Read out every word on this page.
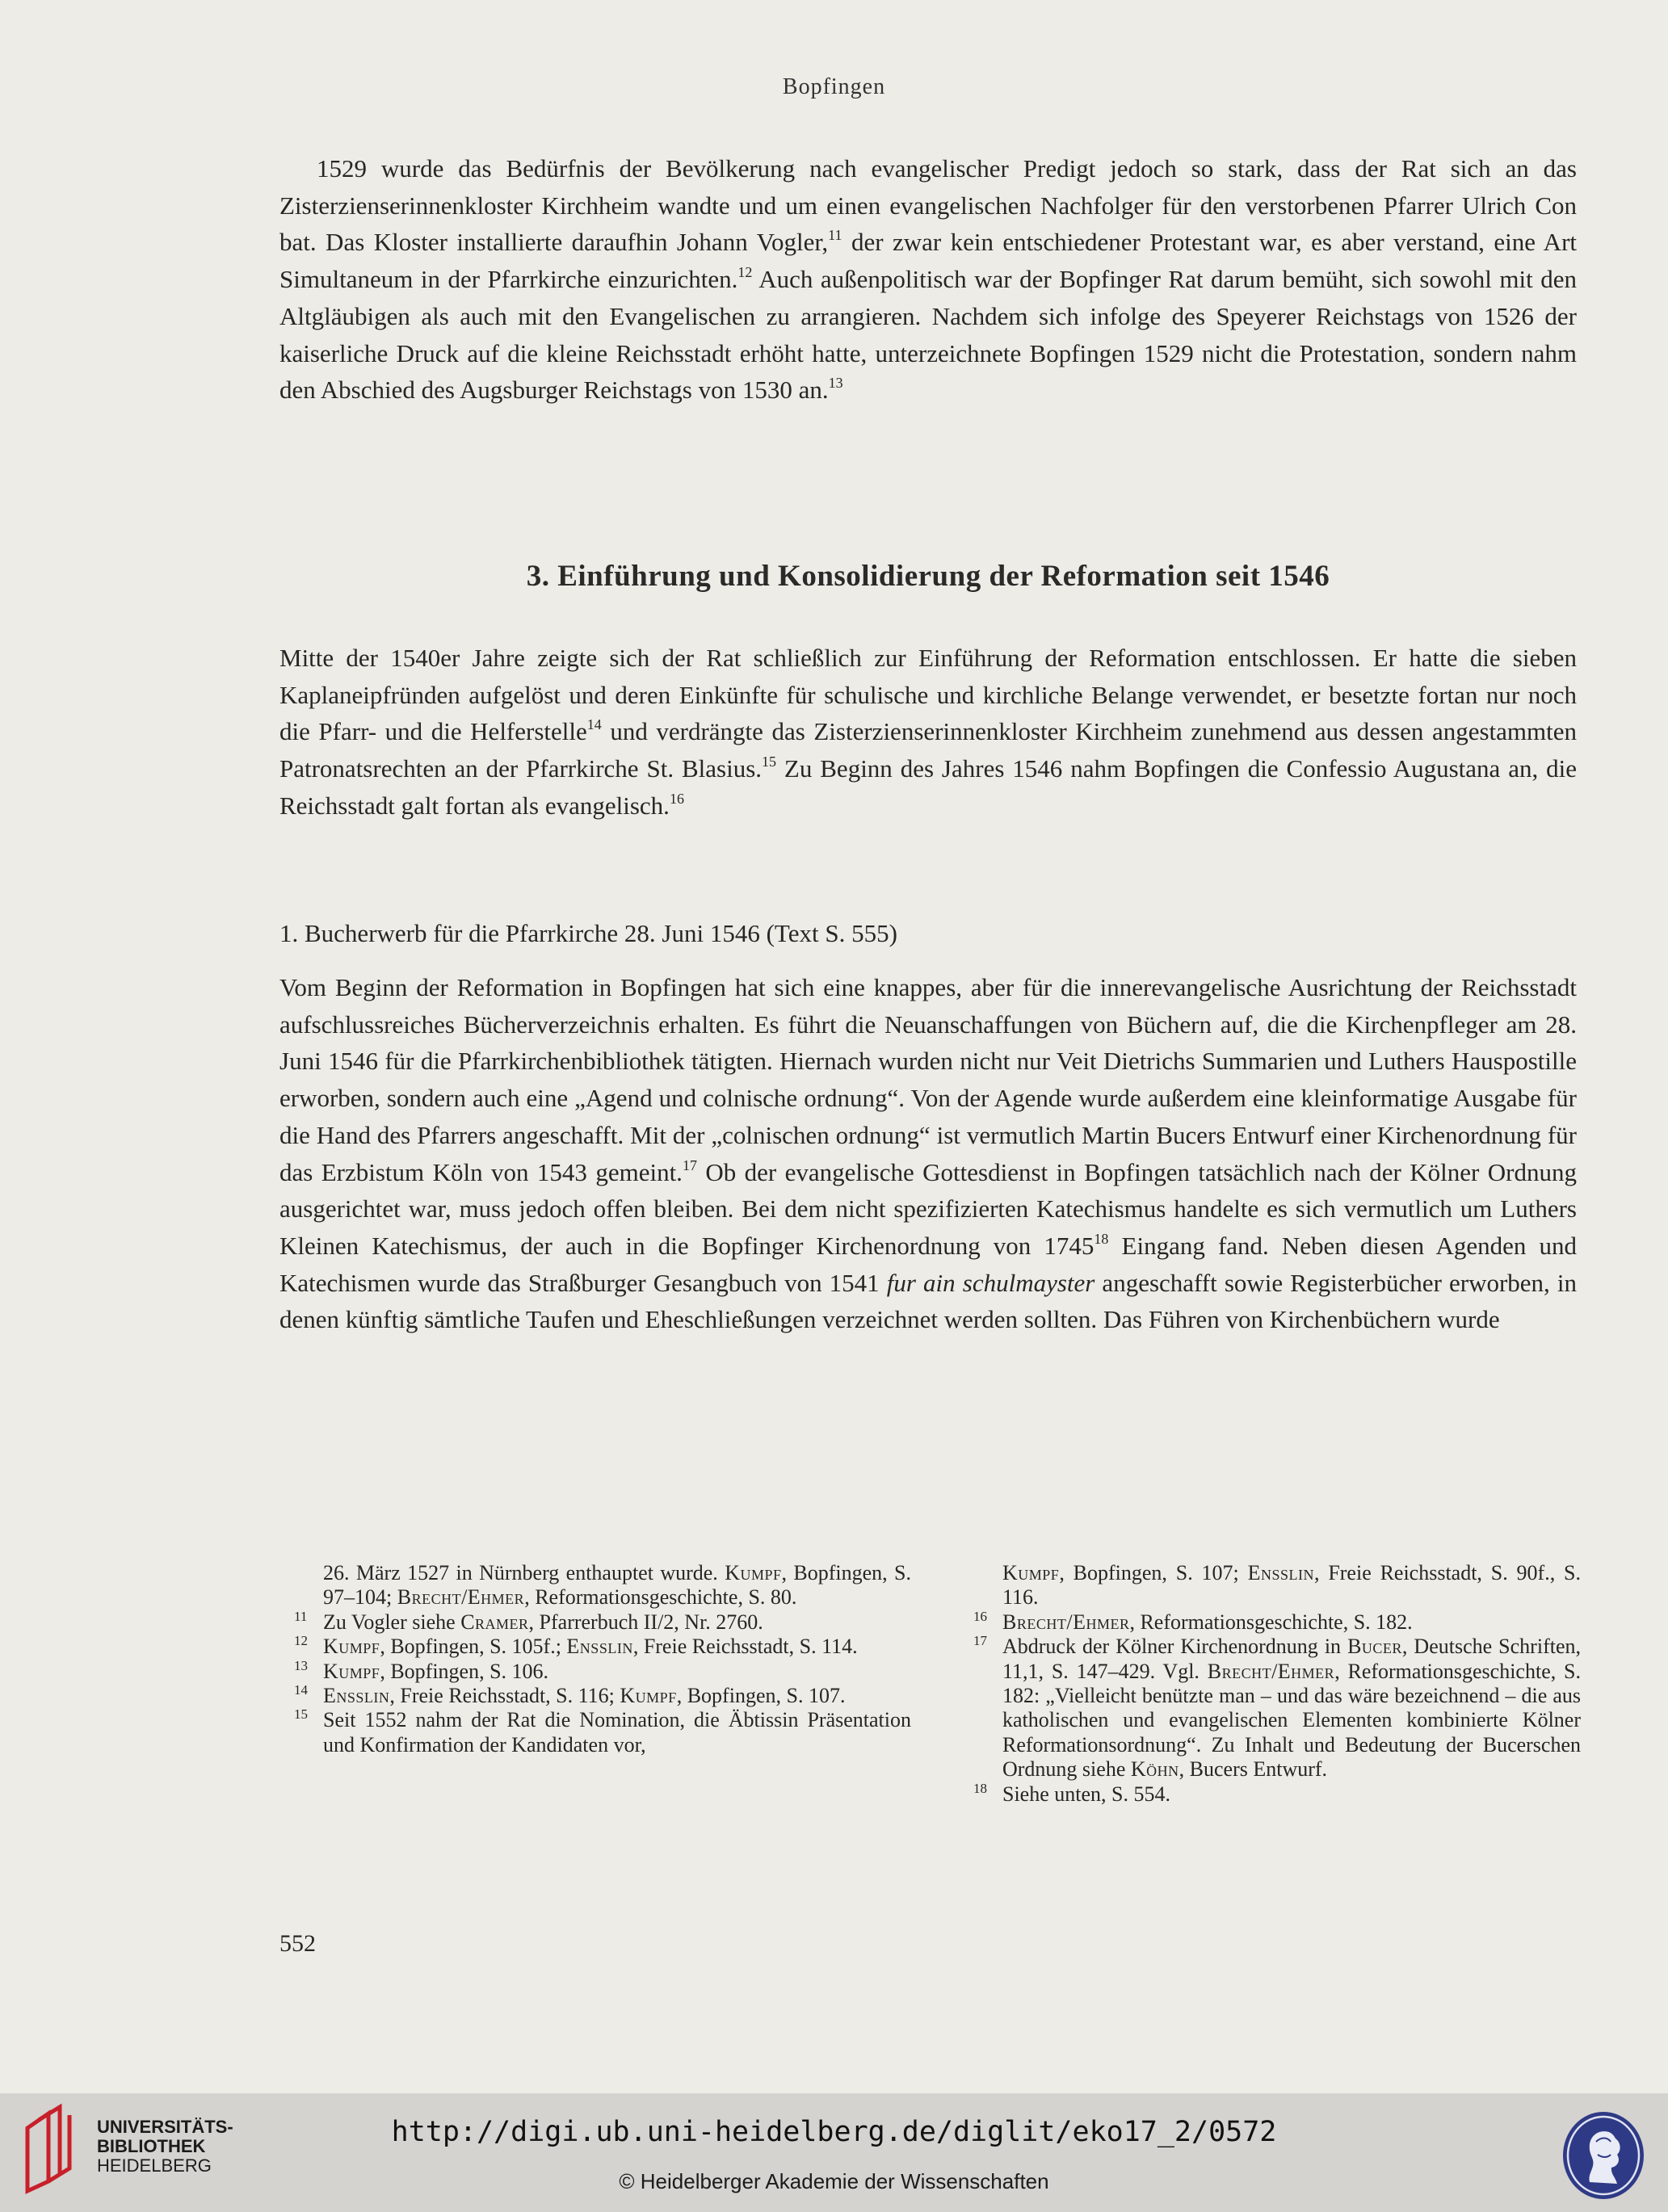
Bopfingen

1529 wurde das Bedürfnis der Bevölkerung nach evangelischer Predigt jedoch so stark, dass der Rat sich an das Zisterzienserinnenkloster Kirchheim wandte und um einen evangelischen Nachfolger für den verstorbenen Pfarrer Ulrich Con bat. Das Kloster installierte daraufhin Johann Vogler,$^{11}$ der zwar kein entschiedener Protestant war, es aber verstand, eine Art Simultaneum in der Pfarrkirche einzurichten.$^{12}$ Auch außenpolitisch war der Bopfinger Rat darum bemüht, sich sowohl mit den Altgläubigen als auch mit den Evangelischen zu arrangieren. Nachdem sich infolge des Speyerer Reichstags von 1526 der kaiserliche Druck auf die kleine Reichsstadt erhöht hatte, unterzeichnete Bopfingen 1529 nicht die Protestation, sondern nahm den Abschied des Augsburger Reichstags von 1530 an.$^{13}$

3. Einführung und Konsolidierung der Reformation seit 1546

Mitte der 1540er Jahre zeigte sich der Rat schließlich zur Einführung der Reformation entschlossen. Er hatte die sieben Kaplaneipfründen aufgelöst und deren Einkünfte für schulische und kirchliche Belange verwendet, er besetzte fortan nur noch die Pfarr- und die Helferstelle$^{14}$ und verdrängte das Zisterzienserinnenkloster Kirchheim zunehmend aus dessen angestammten Patronatsrechten an der Pfarrkirche St. Blasius.$^{15}$ Zu Beginn des Jahres 1546 nahm Bopfingen die Confessio Augustana an, die Reichsstadt galt fortan als evangelisch.$^{16}$

1. Bucherwerb für die Pfarrkirche 28. Juni 1546 (Text S. 555)

Vom Beginn der Reformation in Bopfingen hat sich eine knappes, aber für die innerevangelische Ausrichtung der Reichsstadt aufschlussreiches Bücherverzeichnis erhalten. Es führt die Neuanschaffungen von Büchern auf, die die Kirchenpfleger am 28. Juni 1546 für die Pfarrkirchenbibliothek tätigten. Hiernach wurden nicht nur Veit Dietrichs Summarien und Luthers Hauspostille erworben, sondern auch eine „Agend und colnische ordnung“. Von der Agende wurde außerdem eine kleinformatige Ausgabe für die Hand des Pfarrers angeschafft. Mit der „colnischen ordnung“ ist vermutlich Martin Bucers Entwurf einer Kirchenordnung für das Erzbistum Köln von 1543 gemeint.$^{17}$ Ob der evangelische Gottesdienst in Bopfingen tatsächlich nach der Kölner Ordnung ausgerichtet war, muss jedoch offen bleiben. Bei dem nicht spezifizierten Katechismus handelte es sich vermutlich um Luthers Kleinen Katechismus, der auch in die Bopfinger Kirchenordnung von 1745$^{18}$ Eingang fand. Neben diesen Agenden und Katechismen wurde das Straßburger Gesangbuch von 1541 fur ain schulmayster angeschafft sowie Registerbücher erworben, in denen künftig sämtliche Taufen und Eheschließungen verzeichnet werden sollten. Das Führen von Kirchenbüchern wurde

26. März 1527 in Nürnberg enthauptet wurde. Kumpf, Bopfingen, S. 97–104; Brecht/Ehmer, Reformationsgeschichte, S. 80.
11 Zu Vogler siehe Cramer, Pfarrerbuch II/2, Nr. 2760.
12 Kumpf, Bopfingen, S. 105f.; Ensslin, Freie Reichsstadt, S. 114.
13 Kumpf, Bopfingen, S. 106.
14 Ensslin, Freie Reichsstadt, S. 116; Kumpf, Bopfingen, S. 107.
15 Seit 1552 nahm der Rat die Nomination, die Äbtissin Präsentation und Konfirmation der Kandidaten vor,
Kumpf, Bopfingen, S. 107; Ensslin, Freie Reichsstadt, S. 90f., S. 116.
16 Brecht/Ehmer, Reformationsgeschichte, S. 182.
17 Abdruck der Kölner Kirchenordnung in Bucer, Deutsche Schriften, 11,1, S. 147–429. Vgl. Brecht/Ehmer, Reformationsgeschichte, S. 182: „Vielleicht benützte man – und das wäre bezeichnend – die aus katholischen und evangelischen Elementen kombinierte Kölner Reformationsordnung“. Zu Inhalt und Bedeutung der Bucerschen Ordnung siehe Köhn, Bucers Entwurf.
18 Siehe unten, S. 554.
552
UNIVERSITÄTS-
BIBLIOTHEK
HEIDELBERG
http://digi.ub.uni-heidelberg.de/diglit/eko17_2/0572
© Heidelberger Akademie der Wissenschaften
